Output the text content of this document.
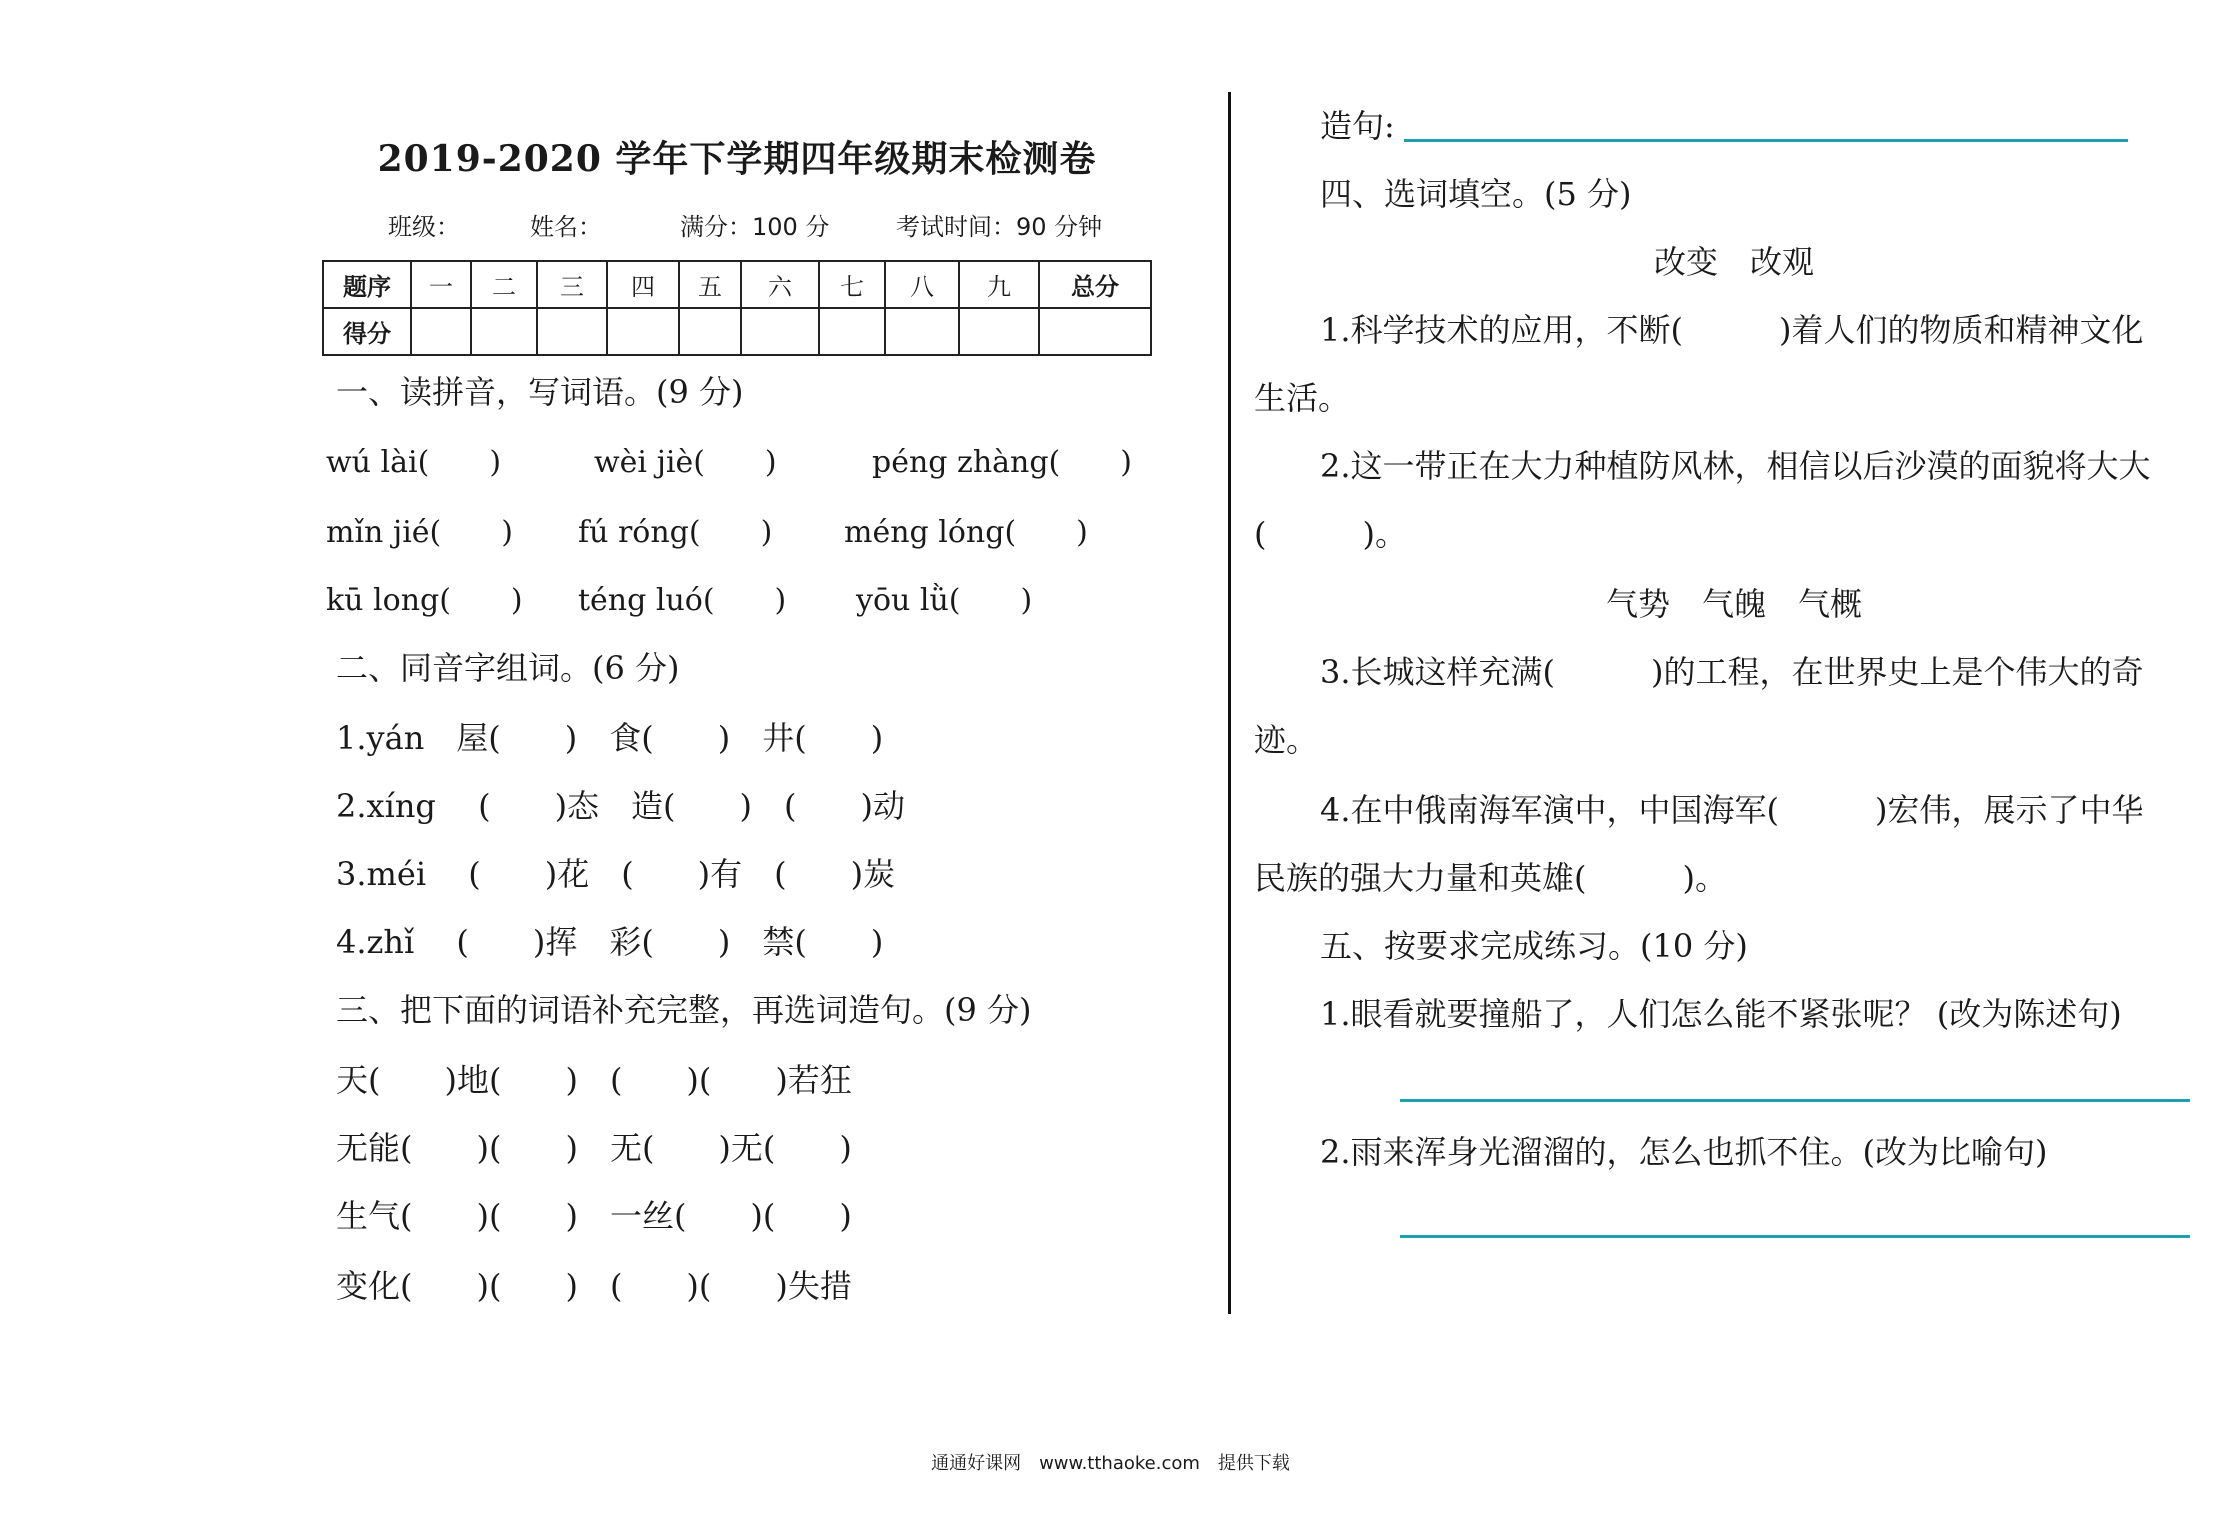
2019-2020 学年下学期四年级期末检测卷
班级：	姓名：	满分：100 分	考试时间：90 分钟
题序	一	二	三	四	五	六	七	八	九	总分
得分										
一、读拼音，写词语。(9 分)
wú lài(　　)	wèi jiè(　　)	péng zhàng(　　)
mǐn jié(　　) fú róng(　　) méng lóng(　　)
kū long(　　) téng luó(　　) yōu lǜ(　　)
二、同音字组词。(6 分)
1.yán　屋(　　)　食(　　)　井(　　)
2.xíng　 (　　)态　造(　　)　(　　)动
3.méi　 (　　)花　(　　)有　(　　)炭
4.zhǐ　 (　　)挥　彩(　　)　禁(　　)
三、把下面的词语补充完整，再选词造句。(9 分)
天(　　)地(　　)　(　　)(　　)若狂
无能(　　)(　　)　无(　　)无(　　)
生气(　　)(　　)　一丝(　　)(　　)
变化(　　)(　　)　(　　)(　　)失措
造句:
四、选词填空。(5 分)
改变　改观
1.科学技术的应用，不断(　　　)着人们的物质和精神文化
生活。
2.这一带正在大力种植防风林，相信以后沙漠的面貌将大大
(　　　)。
气势　气魄　气概
3.长城这样充满(　　　)的工程，在世界史上是个伟大的奇
迹。
4.在中俄南海军演中，中国海军(　　　)宏伟，展示了中华
民族的强大力量和英雄(　　　)。
五、按要求完成练习。(10 分)
1.眼看就要撞船了，人们怎么能不紧张呢？ (改为陈述句)
2.雨来浑身光溜溜的，怎么也抓不住。(改为比喻句)
通通好课网　www.tthaoke.com　提供下载
